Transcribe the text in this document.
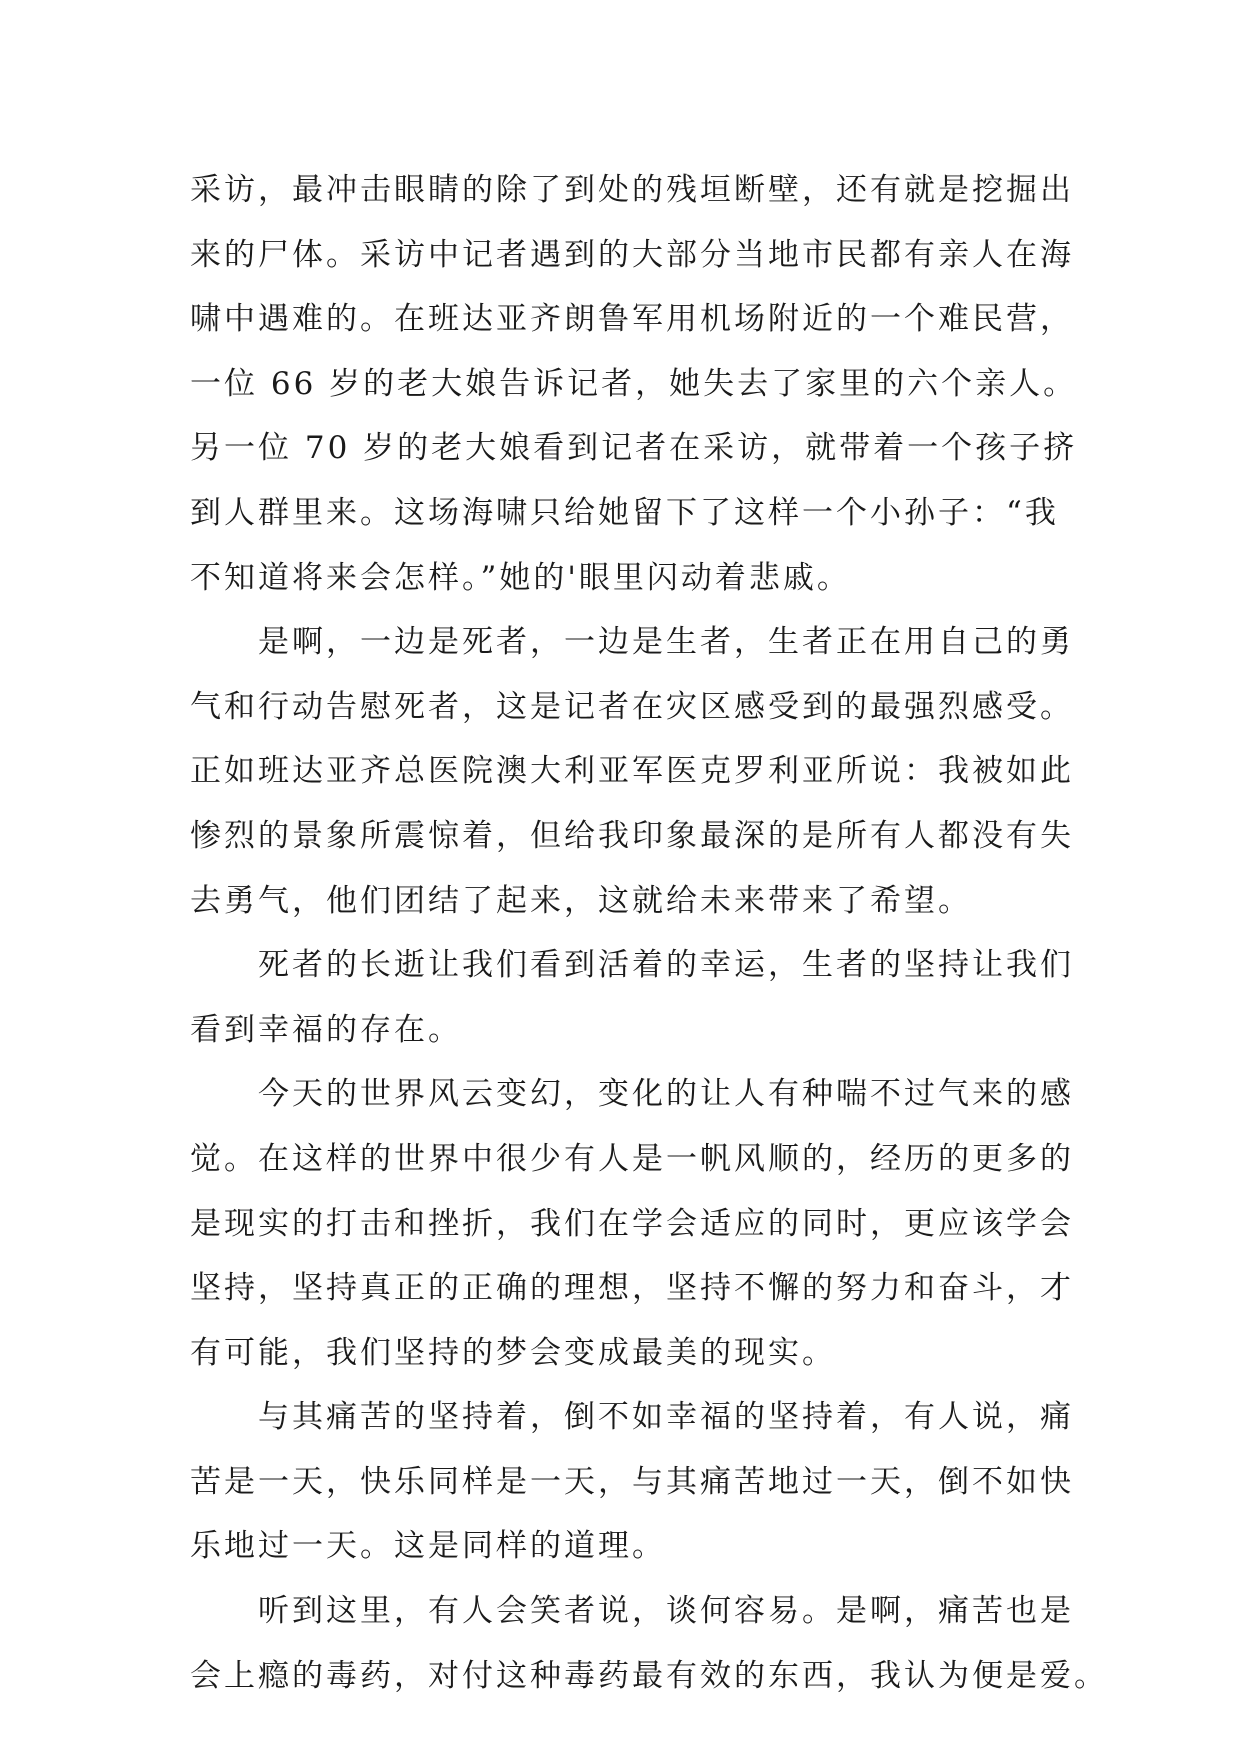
采访，最冲击眼睛的除了到处的残垣断壁，还有就是挖掘出
来的尸体。采访中记者遇到的大部分当地市民都有亲人在海
啸中遇难的。在班达亚齐朗鲁军用机场附近的一个难民营，
一位 66 岁的老大娘告诉记者，她失去了家里的六个亲人。
另一位 70 岁的老大娘看到记者在采访，就带着一个孩子挤
到人群里来。这场海啸只给她留下了这样一个小孙子：“我
不知道将来会怎样。”她的'眼里闪动着悲戚。
是啊，一边是死者，一边是生者，生者正在用自己的勇
气和行动告慰死者，这是记者在灾区感受到的最强烈感受。
正如班达亚齐总医院澳大利亚军医克罗利亚所说：我被如此
惨烈的景象所震惊着，但给我印象最深的是所有人都没有失
去勇气，他们团结了起来，这就给未来带来了希望。
死者的长逝让我们看到活着的幸运，生者的坚持让我们
看到幸福的存在。
今天的世界风云变幻，变化的让人有种喘不过气来的感
觉。在这样的世界中很少有人是一帆风顺的，经历的更多的
是现实的打击和挫折，我们在学会适应的同时，更应该学会
坚持，坚持真正的正确的理想，坚持不懈的努力和奋斗，才
有可能，我们坚持的梦会变成最美的现实。
与其痛苦的坚持着，倒不如幸福的坚持着，有人说，痛
苦是一天，快乐同样是一天，与其痛苦地过一天，倒不如快
乐地过一天。这是同样的道理。
听到这里，有人会笑者说，谈何容易。是啊，痛苦也是
会上瘾的毒药，对付这种毒药最有效的东西，我认为便是爱。
